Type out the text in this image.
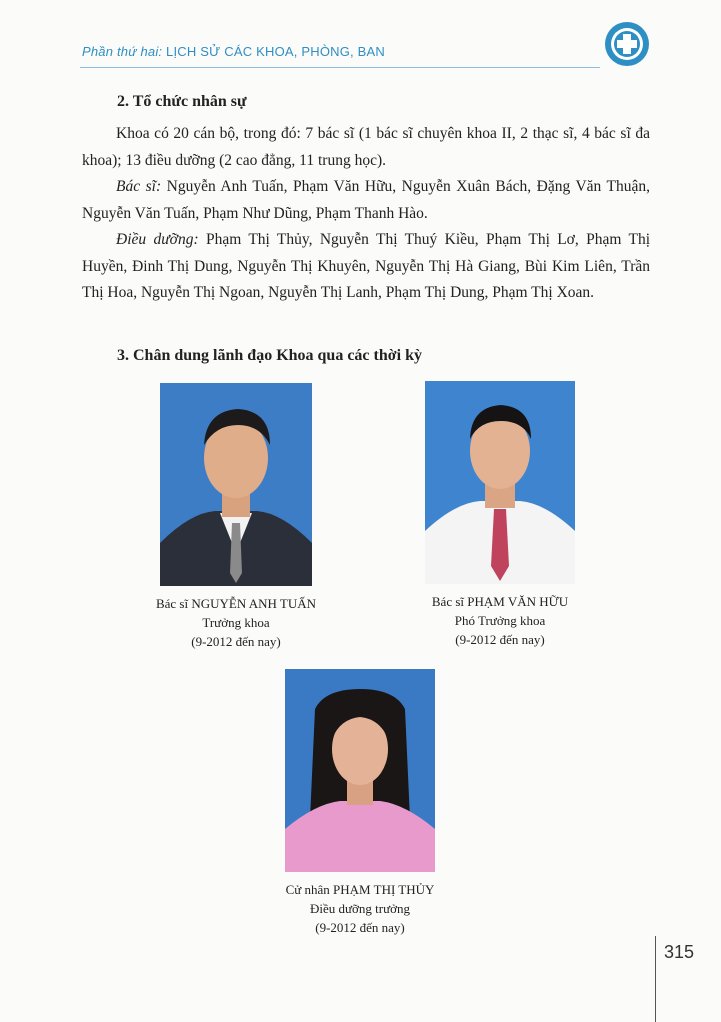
Phần thứ hai: LỊCH SỬ CÁC KHOA, PHÒNG, BAN
2. Tổ chức nhân sự
Khoa có 20 cán bộ, trong đó: 7 bác sĩ (1 bác sĩ chuyên khoa II, 2 thạc sĩ, 4 bác sĩ đa khoa); 13 điều dưỡng (2 cao đẳng, 11 trung học).
Bác sĩ: Nguyễn Anh Tuấn, Phạm Văn Hữu, Nguyễn Xuân Bách, Đặng Văn Thuận, Nguyễn Văn Tuấn, Phạm Như Dũng, Phạm Thanh Hào.
Điều dưỡng: Phạm Thị Thủy, Nguyễn Thị Thuý Kiều, Phạm Thị Lơ, Phạm Thị Huyền, Đinh Thị Dung, Nguyễn Thị Khuyên, Nguyễn Thị Hà Giang, Bùi Kim Liên, Trần Thị Hoa, Nguyễn Thị Ngoan, Nguyễn Thị Lanh, Phạm Thị Dung, Phạm Thị Xoan.
3. Chân dung lãnh đạo Khoa qua các thời kỳ
Bác sĩ NGUYỄN ANH TUẤN
Trưởng khoa
(9-2012 đến nay)
Bác sĩ PHẠM VĂN HỮU
Phó Trưởng khoa
(9-2012 đến nay)
Cử nhân PHẠM THỊ THỦY
Điều dưỡng trưởng
(9-2012 đến nay)
315
